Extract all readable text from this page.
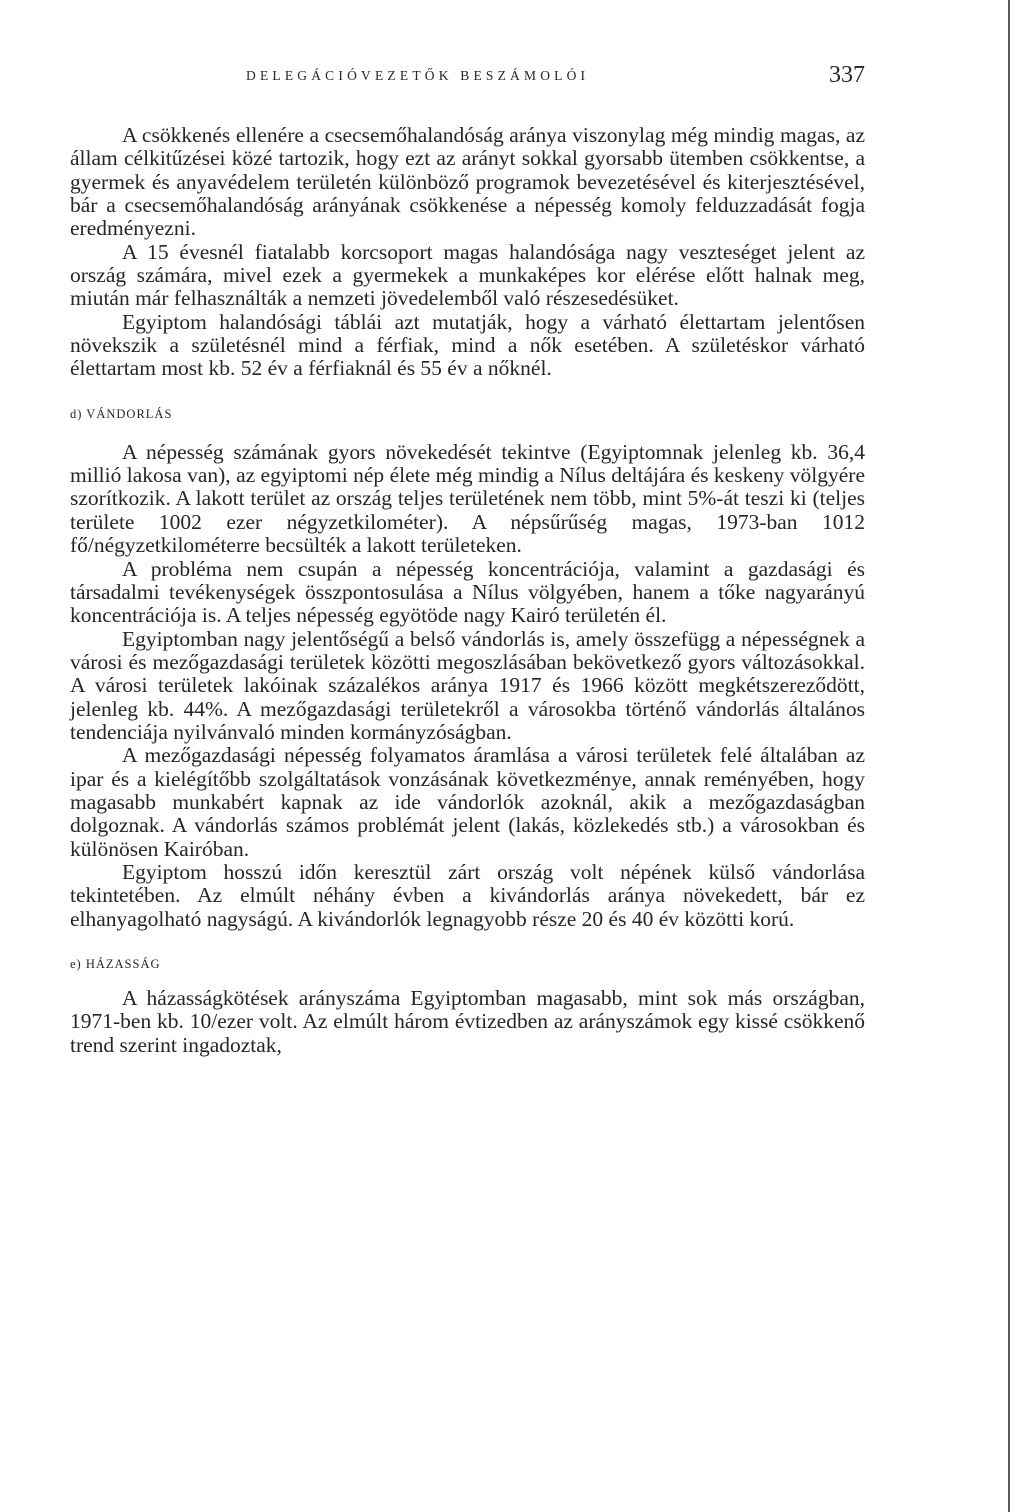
DELEGÁCIÓVEZETŐK BESZÁMOLÓI	337

A csökkenés ellenére a csecsemőhalandóság aránya viszonylag még mindig magas, az állam célkitűzései közé tartozik, hogy ezt az arányt sokkal gyorsabb ütemben csökkentse, a gyermek és anyavédelem területén különböző programok bevezetésével és kiterjesztésével, bár a csecsemőhalandóság arányának csökkenése a népesség komoly felduzzadását fogja eredményezni.

A 15 évesnél fiatalabb korcsoport magas halandósága nagy veszteséget jelent az ország számára, mivel ezek a gyermekek a munkaképes kor elérése előtt halnak meg, miután már felhasználták a nemzeti jövedelemből való részesedésüket.

Egyiptom halandósági táblái azt mutatják, hogy a várható élettartam jelentősen növekszik a születésnél mind a férfiak, mind a nők esetében. A születéskor várható élettartam most kb. 52 év a férfiaknál és 55 év a nőknél.

d) VÁNDORLÁS

A népesség számának gyors növekedését tekintve (Egyiptomnak jelenleg kb. 36,4 millió lakosa van), az egyiptomi nép élete még mindig a Nílus deltájára és keskeny völgyére szorítkozik. A lakott terület az ország teljes területének nem több, mint 5%-át teszi ki (teljes területe 1002 ezer négyzetkilométer). A népsűrűség magas, 1973-ban 1012 fő/négyzetkilométerre becsülték a lakott területeken.

A probléma nem csupán a népesség koncentrációja, valamint a gazdasági és társadalmi tevékenységek összpontosulása a Nílus völgyében, hanem a tőke nagyarányú koncentrációja is. A teljes népesség egyötöde nagy Kairó területén él.

Egyiptomban nagy jelentőségű a belső vándorlás is, amely összefügg a népességnek a városi és mezőgazdasági területek közötti megoszlásában bekövetkező gyors változásokkal. A városi területek lakóinak százalékos aránya 1917 és 1966 között megkétszereződött, jelenleg kb. 44%. A mezőgazdasági területekről a városokba történő vándorlás általános tendenciája nyilvánvaló minden kormányzóságban.

A mezőgazdasági népesség folyamatos áramlása a városi területek felé általában az ipar és a kielégítőbb szolgáltatások vonzásának következménye, annak reményében, hogy magasabb munkabért kapnak az ide vándorlók azoknál, akik a mezőgazdaságban dolgoznak. A vándorlás számos problémát jelent (lakás, közlekedés stb.) a városokban és különösen Kairóban.

Egyiptom hosszú időn keresztül zárt ország volt népének külső vándorlása tekintetében. Az elmúlt néhány évben a kivándorlás aránya növekedett, bár ez elhanyagolható nagyságú. A kivándorlók legnagyobb része 20 és 40 év közötti korú.

e) HÁZASSÁG

A házasságkötések arányszáma Egyiptomban magasabb, mint sok más országban, 1971-ben kb. 10/ezer volt. Az elmúlt három évtizedben az arányszámok egy kissé csökkenő trend szerint ingadoztak,
